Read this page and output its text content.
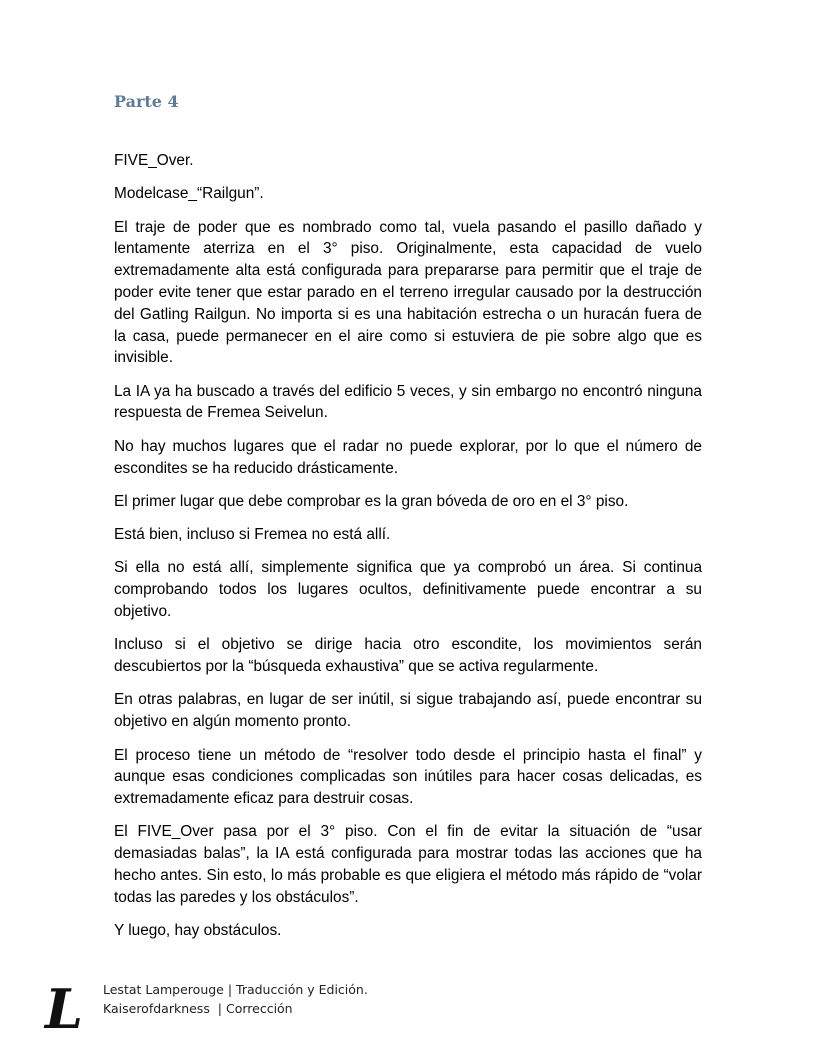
Parte 4

FIVE_Over.

Modelcase_“Railgun”.

El traje de poder que es nombrado como tal, vuela pasando el pasillo dañado y lentamente aterriza en el 3° piso. Originalmente, esta capacidad de vuelo extremadamente alta está configurada para prepararse para permitir que el traje de poder evite tener que estar parado en el terreno irregular causado por la destrucción del Gatling Railgun. No importa si es una habitación estrecha o un huracán fuera de la casa, puede permanecer en el aire como si estuviera de pie sobre algo que es invisible.

La IA ya ha buscado a través del edificio 5 veces, y sin embargo no encontró ninguna respuesta de Fremea Seivelun.

No hay muchos lugares que el radar no puede explorar, por lo que el número de escondites se ha reducido drásticamente.

El primer lugar que debe comprobar es la gran bóveda de oro en el 3° piso.

Está bien, incluso si Fremea no está allí.

Si ella no está allí, simplemente significa que ya comprobó un área. Si continua comprobando todos los lugares ocultos, definitivamente puede encontrar a su objetivo.

Incluso si el objetivo se dirige hacia otro escondite, los movimientos serán descubiertos por la “búsqueda exhaustiva” que se activa regularmente.

En otras palabras, en lugar de ser inútil, si sigue trabajando así, puede encontrar su objetivo en algún momento pronto.

El proceso tiene un método de “resolver todo desde el principio hasta el final” y aunque esas condiciones complicadas son inútiles para hacer cosas delicadas, es extremadamente eficaz para destruir cosas.

El FIVE_Over pasa por el 3° piso. Con el fin de evitar la situación de “usar demasiadas balas”, la IA está configurada para mostrar todas las acciones que ha hecho antes. Sin esto, lo más probable es que eligiera el método más rápido de “volar todas las paredes y los obstáculos”.

Y luego, hay obstáculos.

L Lestat Lamperouge | Traducción y Edición.
Kaiserofdarkness  | Corrección
